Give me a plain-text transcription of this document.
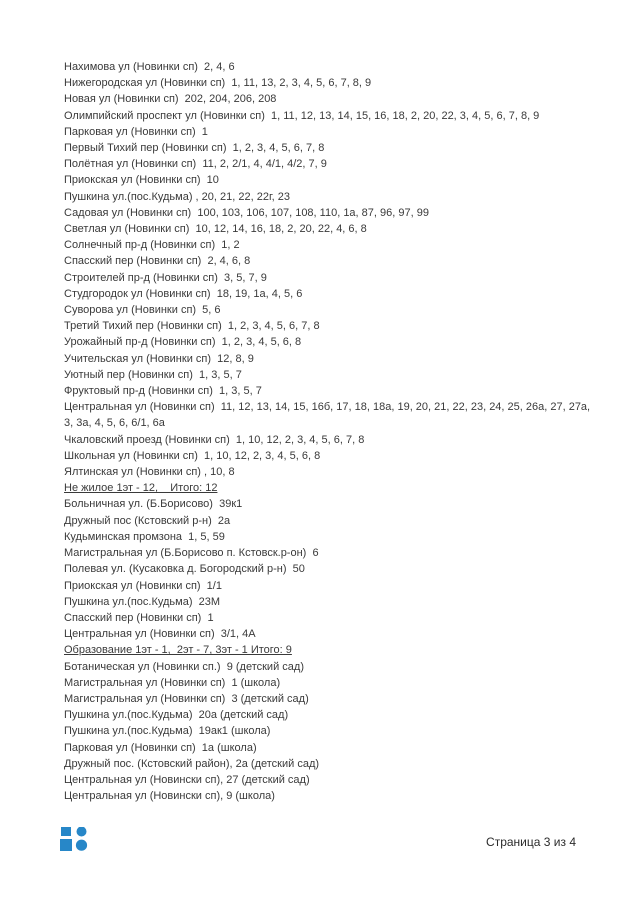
Нахимова ул (Новинки сп)  2, 4, 6
Нижегородская ул (Новинки сп)  1, 11, 13, 2, 3, 4, 5, 6, 7, 8, 9
Новая ул (Новинки сп)  202, 204, 206, 208
Олимпийский проспект ул (Новинки сп)  1, 11, 12, 13, 14, 15, 16, 18, 2, 20, 22, 3, 4, 5, 6, 7, 8, 9
Парковая ул (Новинки сп)  1
Первый Тихий пер (Новинки сп)  1, 2, 3, 4, 5, 6, 7, 8
Полётная ул (Новинки сп)  11, 2, 2/1, 4, 4/1, 4/2, 7, 9
Приокская ул (Новинки сп)  10
Пушкина ул.(пос.Кудьма) , 20, 21, 22, 22г, 23
Садовая ул (Новинки сп)  100, 103, 106, 107, 108, 110, 1а, 87, 96, 97, 99
Светлая ул (Новинки сп)  10, 12, 14, 16, 18, 2, 20, 22, 4, 6, 8
Солнечный пр-д (Новинки сп)  1, 2
Спасский пер (Новинки сп)  2, 4, 6, 8
Строителей пр-д (Новинки сп)  3, 5, 7, 9
Студгородок ул (Новинки сп)  18, 19, 1а, 4, 5, 6
Суворова ул (Новинки сп)  5, 6
Третий Тихий пер (Новинки сп)  1, 2, 3, 4, 5, 6, 7, 8
Урожайный пр-д (Новинки сп)  1, 2, 3, 4, 5, 6, 8
Учительская ул (Новинки сп)  12, 8, 9
Уютный пер (Новинки сп)  1, 3, 5, 7
Фруктовый пр-д (Новинки сп)  1, 3, 5, 7
Центральная ул (Новинки сп)  11, 12, 13, 14, 15, 16б, 17, 18, 18а, 19, 20, 21, 22, 23, 24, 25, 26а, 27, 27а, 3, 3а, 4, 5, 6, 6/1, 6а
Чкаловский проезд (Новинки сп)  1, 10, 12, 2, 3, 4, 5, 6, 7, 8
Школьная ул (Новинки сп)  1, 10, 12, 2, 3, 4, 5, 6, 8
Ялтинская ул (Новинки сп) , 10, 8
Не жилое 1эт - 12,    Итого: 12
Больничная ул. (Б.Борисово)  39к1
Дружный пос (Кстовский р-н)  2а
Кудьминская промзона  1, 5, 59
Магистральная ул (Б.Борисово п. Кстовск.р-он)  6
Полевая ул. (Кусаковка д. Богородский р-н)  50
Приокская ул (Новинки сп)  1/1
Пушкина ул.(пос.Кудьма)  23М
Спасский пер (Новинки сп)  1
Центральная ул (Новинки сп)  3/1, 4А
Образование 1эт - 1,  2эт - 7, 3эт - 1 Итого: 9
Ботаническая ул (Новинки сп.)  9 (детский сад)
Магистральная ул (Новинки сп)  1 (школа)
Магистральная ул (Новинки сп)  3 (детский сад)
Пушкина ул.(пос.Кудьма)  20а (детский сад)
Пушкина ул.(пос.Кудьма)  19ак1 (школа)
Парковая ул (Новинки сп)  1а (школа)
Дружный пос. (Кстовский район), 2а (детский сад)
Центральная ул (Новински сп), 27 (детский сад)
Центральная ул (Новински сп), 9 (школа)
Страница 3 из 4
